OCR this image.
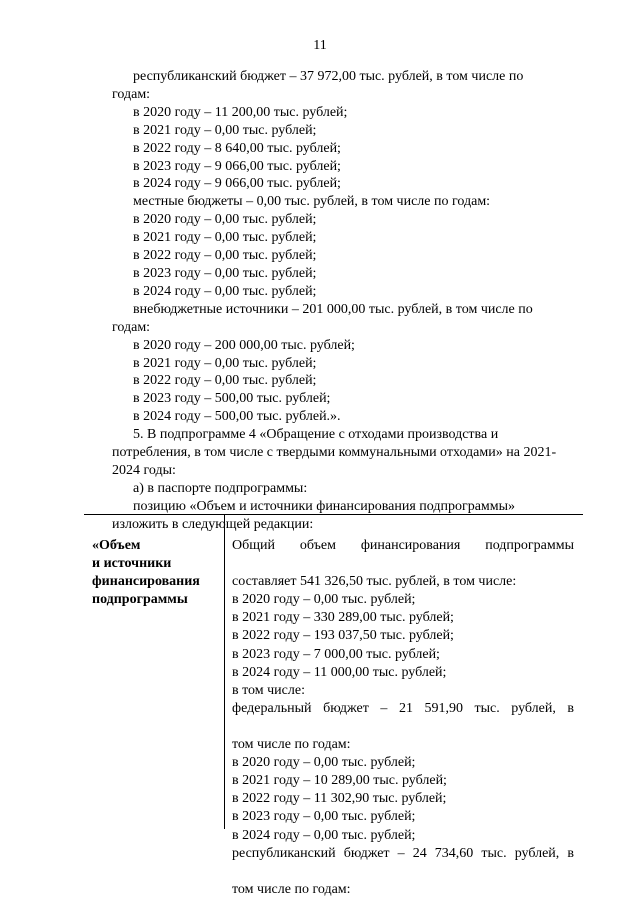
11
республиканский бюджет – 37 972,00 тыс. рублей, в том числе по
годам:
в 2020 году – 11 200,00 тыс. рублей;
в 2021 году – 0,00 тыс. рублей;
в 2022 году – 8 640,00 тыс. рублей;
в 2023 году – 9 066,00 тыс. рублей;
в 2024 году – 9 066,00 тыс. рублей;
местные бюджеты – 0,00 тыс. рублей, в том числе по годам:
в 2020 году – 0,00 тыс. рублей;
в 2021 году – 0,00 тыс. рублей;
в 2022 году – 0,00 тыс. рублей;
в 2023 году – 0,00 тыс. рублей;
в 2024 году – 0,00 тыс. рублей;
внебюджетные источники – 201 000,00 тыс. рублей, в том числе по
годам:
в 2020 году – 200 000,00 тыс. рублей;
в 2021 году – 0,00 тыс. рублей;
в 2022 году – 0,00 тыс. рублей;
в 2023 году – 500,00 тыс. рублей;
в 2024 году – 500,00 тыс. рублей.».
5. В подпрограмме 4 «Обращение с отходами производства и
потребления, в том числе с твердыми коммунальными отходами» на 2021-
2024 годы:
а) в паспорте подпрограммы:
позицию «Объем и источники финансирования подпрограммы»
изложить в следующей редакции:
«Объем
и источники
финансирования
подпрограммы
Общий объем финансирования подпрограммы
составляет 541 326,50 тыс. рублей, в том числе:
в 2020 году – 0,00 тыс. рублей;
в 2021 году – 330 289,00 тыс. рублей;
в 2022 году – 193 037,50 тыс. рублей;
в 2023 году – 7 000,00 тыс. рублей;
в 2024 году – 11 000,00 тыс. рублей;
в том числе:
федеральный бюджет – 21 591,90 тыс. рублей, в
том числе по годам:
в 2020 году – 0,00 тыс. рублей;
в 2021 году – 10 289,00 тыс. рублей;
в 2022 году – 11 302,90 тыс. рублей;
в 2023 году – 0,00 тыс. рублей;
в 2024 году – 0,00 тыс. рублей;
республиканский бюджет – 24 734,60 тыс. рублей, в
том числе по годам:
